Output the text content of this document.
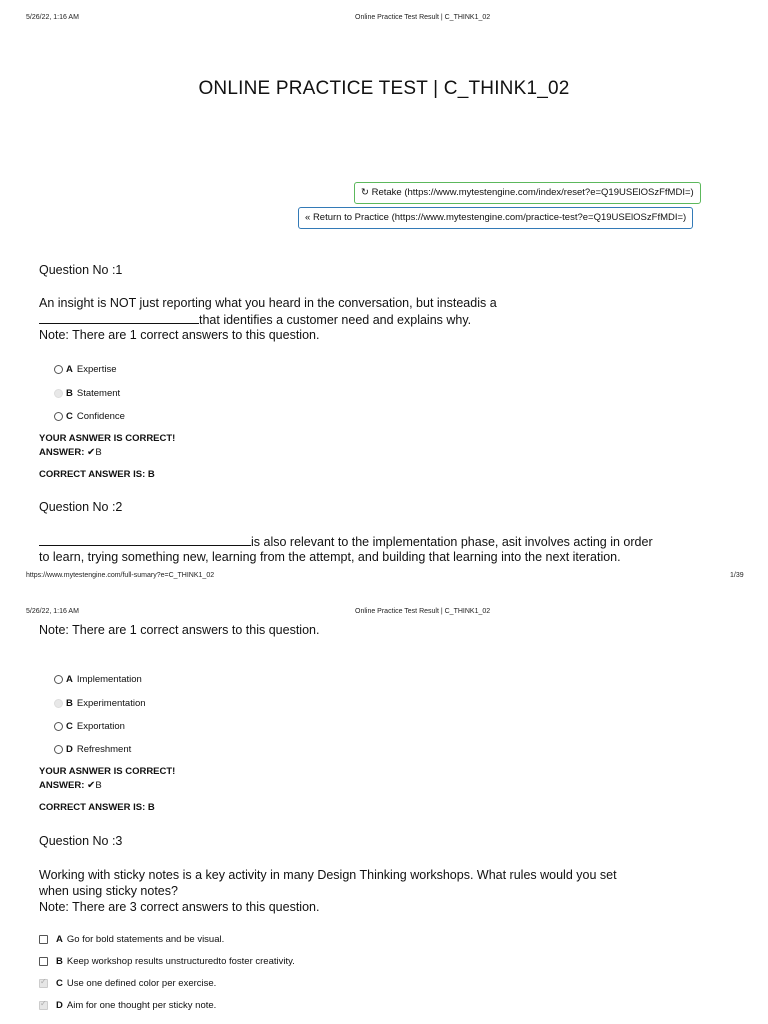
5/26/22, 1:16 AM	Online Practice Test Result | C_THINK1_02
ONLINE PRACTICE TEST | C_THINK1_02
↻ Retake (https://www.mytestengine.com/index/reset?e=Q19USElOSzFfMDI=)
« Return to Practice (https://www.mytestengine.com/practice-test?e=Q19USElOSzFfMDI=)
Question No :1
An insight is NOT just reporting what you heard in the conversation, but insteadis a
that identifies a customer need and explains why.
Note: There are 1 correct answers to this question.
A Expertise
B Statement
C Confidence
YOUR ASNWER IS CORRECT!
ANSWER: ✔B
CORRECT ANSWER IS: B
Question No :2
is also relevant to the implementation phase, asit involves acting in order
to learn, trying something new, learning from the attempt, and building that learning into the next iteration.
https://www.mytestengine.com/full-sumary?e=C_THINK1_02	1/39
5/26/22, 1:16 AM	Online Practice Test Result | C_THINK1_02
Note: There are 1 correct answers to this question.
A Implementation
B Experimentation
C Exportation
D Refreshment
YOUR ASNWER IS CORRECT!
ANSWER: ✔B
CORRECT ANSWER IS: B
Question No :3
Working with sticky notes is a key activity in many Design Thinking workshops. What rules would you set
when using sticky notes?
Note: There are 3 correct answers to this question.
A Go for bold statements and be visual.
B Keep workshop results unstructuredto foster creativity.
✓
C Use one defined color per exercise.
✓
D Aim for one thought per sticky note.
